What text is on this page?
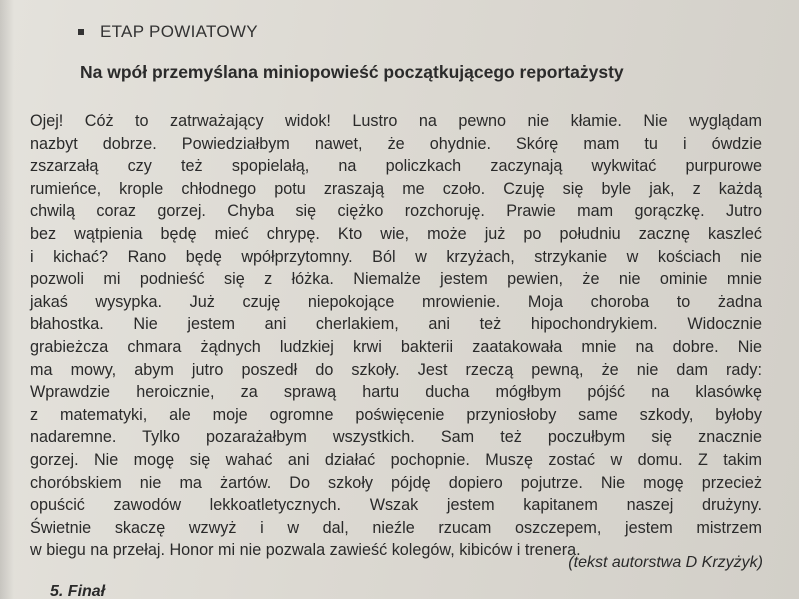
ETAP POWIATOWY
Na wpół przemyślana miniopowieść początkującego reportażysty
Ojej! Cóż to zatrważający widok! Lustro na pewno nie kłamie. Nie wyglądam
nazbyt dobrze. Powiedziałbym nawet, że ohydnie. Skórę mam tu i ówdzie
zszarzałą czy też spopielałą, na policzkach zaczynają wykwitać purpurowe
rumieńce, krople chłodnego potu zraszają me czoło. Czuję się byle jak, z każdą
chwilą coraz gorzej. Chyba się ciężko rozchoruję. Prawie mam gorączkę. Jutro
bez wątpienia będę mieć chrypę. Kto wie, może już po południu zacznę kaszleć
i kichać? Rano będę wpółprzytomny. Ból w krzyżach, strzykanie w kościach nie
pozwoli mi podnieść się z łóżka. Niemalże jestem pewien, że nie ominie mnie
jakaś wysypka. Już czuję niepokojące mrowienie. Moja choroba to żadna
błahostka. Nie jestem ani cherlakiem, ani też hipochondrykiem. Widocznie
grabieżcza chmara żądnych ludzkiej krwi bakterii zaatakowała mnie na dobre. Nie
ma mowy, abym jutro poszedł do szkoły. Jest rzeczą pewną, że nie dam rady:
Wprawdzie heroicznie, za sprawą hartu ducha mógłbym pójść na klasówkę
z matematyki, ale moje ogromne poświęcenie przyniosłoby same szkody, byłoby
nadaremne. Tylko pozarażałbym wszystkich. Sam też poczułbym się znacznie
gorzej. Nie mogę się wahać ani działać pochopnie. Muszę zostać w domu. Z takim
choróbskiem nie ma żartów. Do szkoły pójdę dopiero pojutrze. Nie mogę przecież
opuścić zawodów lekkoatletycznych. Wszak jestem kapitanem naszej drużyny.
Świetnie skaczę wzwyż i w dal, nieźle rzucam oszczepem, jestem mistrzem
w biegu na przełaj. Honor mi nie pozwala zawieść kolegów, kibiców i trenera.
(tekst autorstwa D Krzyżyk)
5. Finał
